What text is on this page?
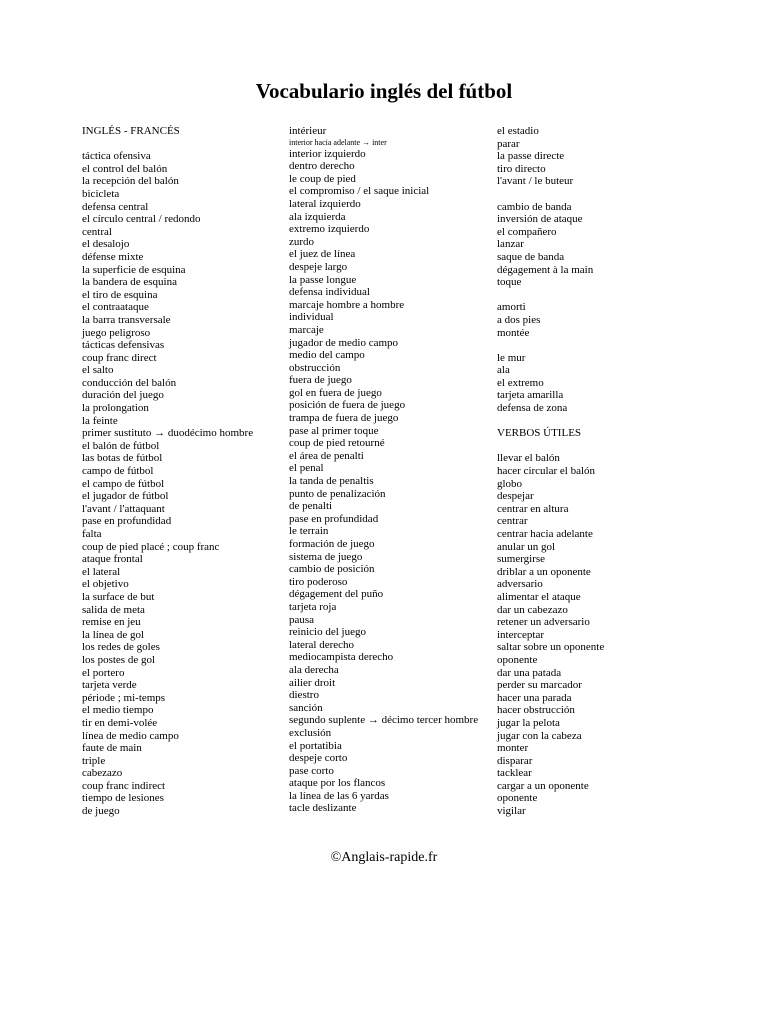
Vocabulario inglés del fútbol
INGLÉS - FRANCÉS
táctica ofensiva
el control del balón
la recepción del balón
bicicleta
defensa central
el círculo central / redondo
central
el desalojo
défense mixte
la superficie de esquina
la bandera de esquina
el tiro de esquina
el contraataque
la barra transversale
juego peligroso
tácticas defensivas
coup franc direct
el salto
conducción del balón
duración del juego
la prolongation
la feinte
primer sustituto → duodécimo hombre
el balón de fútbol
las botas de fútbol
campo de fútbol
el campo de fútbol
el jugador de fútbol
l'avant / l'attaquant
pase en profundidad
falta
coup de pied placé ; coup franc
ataque frontal
el lateral
el objetivo
la surface de but
salida de meta
remise en jeu
la línea de gol
los redes de goles
los postes de gol
el portero
tarjeta verde
période ; mi-temps
el medio tiempo
tir en demi-volée
línea de medio campo
faute de main
triple
cabezazo
coup franc indirect
tiempo de lesiones
de juego
intérieur
interior hacia adelante → inter
interior izquierdo
dentro derecho
le coup de pied
el compromiso / el saque inicial
lateral izquierdo
ala izquierda
extremo izquierdo
zurdo
el juez de línea
despeje largo
la passe longue
defensa individual
marcaje hombre a hombre
individual
marcaje
jugador de medio campo
medio del campo
obstrucción
fuera de juego
gol en fuera de juego
posición de fuera de juego
trampa de fuera de juego
pase al primer toque
coup de pied retourné
el área de penalti
el penal
la tanda de penaltis
punto de penalización
de penalti
pase en profundidad
le terrain
formación de juego
sistema de juego
cambio de posición
tiro poderoso
dégagement del puño
tarjeta roja
pausa
reinicio del juego
lateral derecho
mediocampista derecho
ala derecha
ailier droit
diestro
sanción
segundo suplente → décimo tercer hombre
exclusión
el portatibia
despeje corto
pase corto
ataque por los flancos
la línea de las 6 yardas
tacle deslizante
el estadio
parar
la passe directe
tiro directo
l'avant / le buteur
cambio de banda
inversión de ataque
el compañero
lanzar
saque de banda
dégagement à la main
toque
amorti
a dos pies
montée
le mur
ala
el extremo
tarjeta amarilla
defensa de zona
VERBOS ÚTILES
llevar el balón
hacer circular el balón
globo
despejar
centrar en altura
centrar
centrar hacia adelante
anular un gol
sumergirse
driblar a un oponente
adversario
alimentar el ataque
dar un cabezazo
retener un adversario
interceptar
saltar sobre un oponente
oponente
dar una patada
perder su marcador
hacer una parada
hacer obstrucción
jugar la pelota
jugar con la cabeza
monter
disparar
tacklear
cargar a un oponente
oponente
vigilar
©Anglais-rapide.fr
